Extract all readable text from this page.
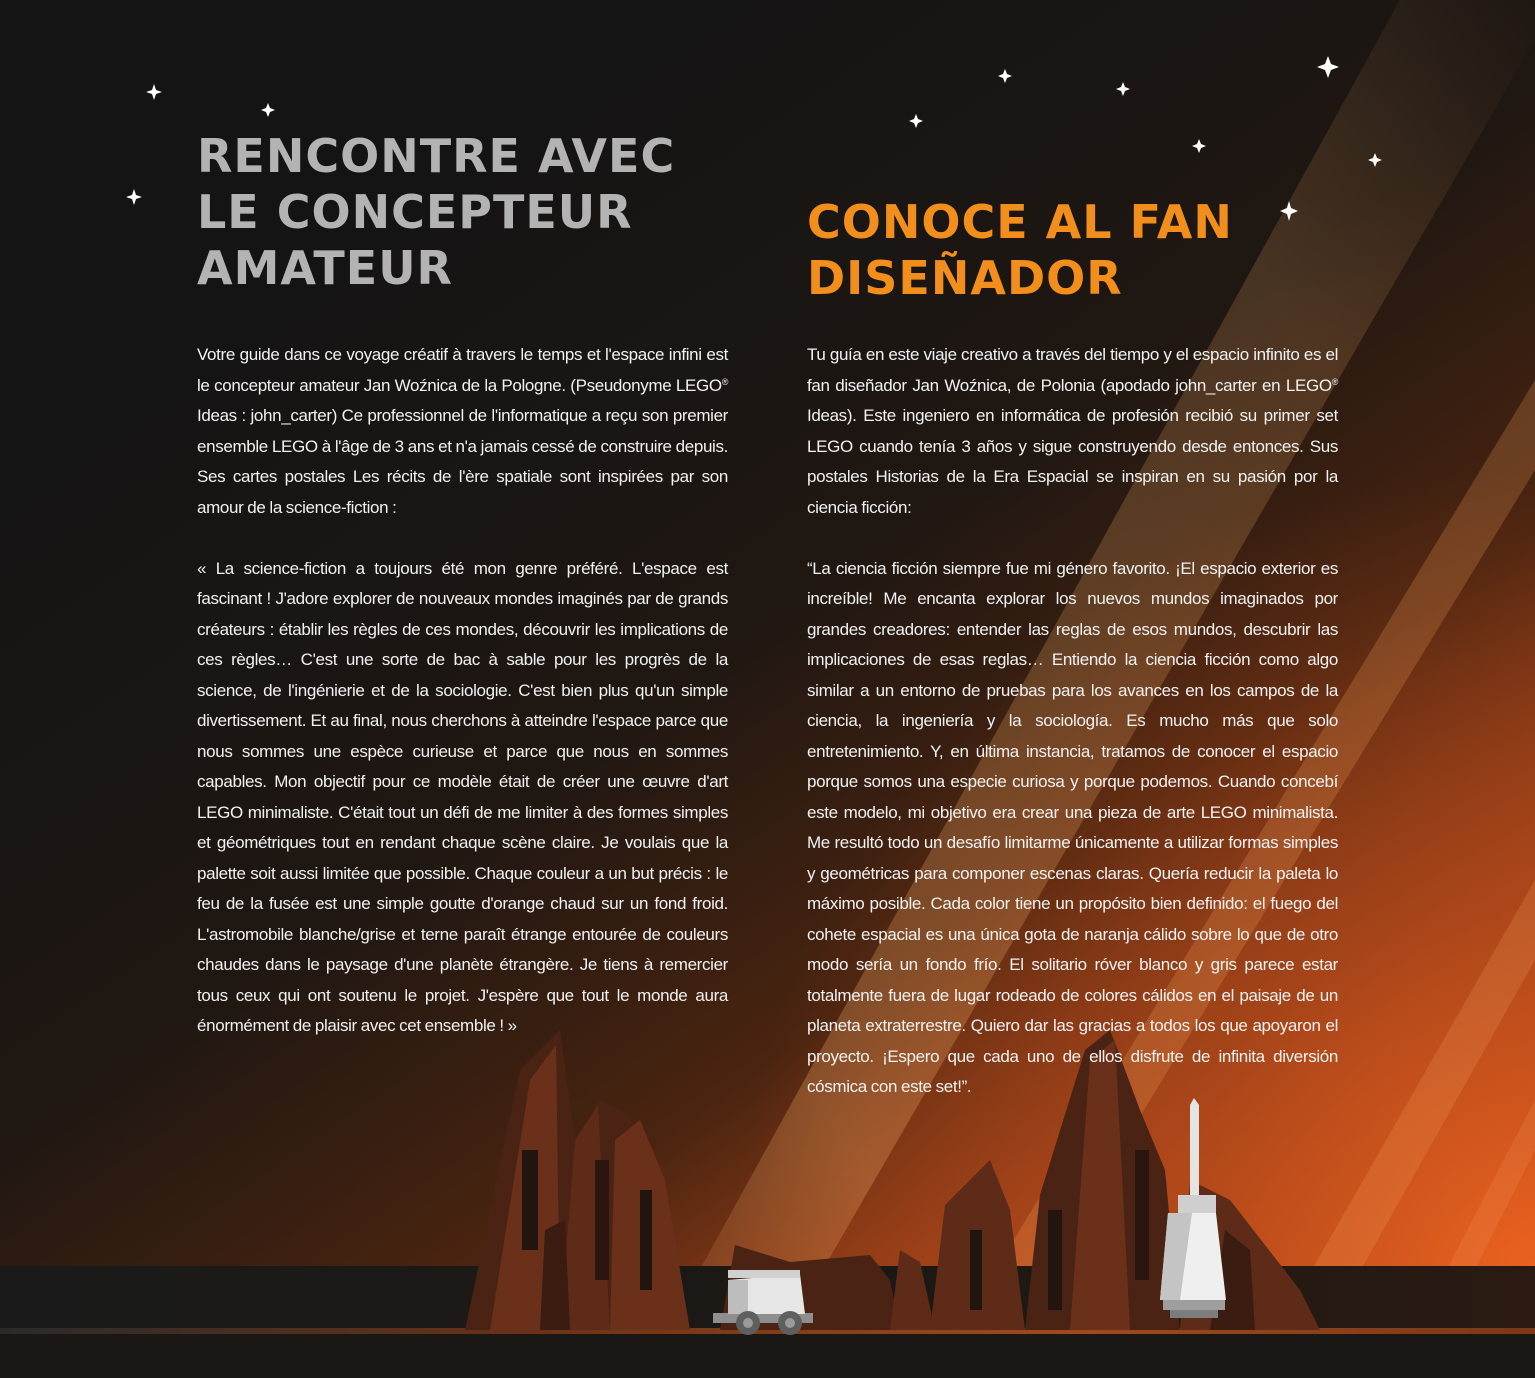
RENCONTRE AVEC
LE CONCEPTEUR
AMATEUR

Votre guide dans ce voyage créatif à travers le temps et l'espace infini est le concepteur amateur Jan Woźnica de la Pologne. (Pseudonyme LEGO® Ideas : john_carter) Ce professionnel de l'informatique a reçu son premier ensemble LEGO à l'âge de 3 ans et n'a jamais cessé de construire depuis. Ses cartes postales Les récits de l'ère spatiale sont inspirées par son amour de la science-fiction :

« La science-fiction a toujours été mon genre préféré. L'espace est fascinant ! J'adore explorer de nouveaux mondes imaginés par de grands créateurs : établir les règles de ces mondes, découvrir les implications de ces règles… C'est une sorte de bac à sable pour les progrès de la science, de l'ingénierie et de la sociologie. C'est bien plus qu'un simple divertissement. Et au final, nous cherchons à atteindre l'espace parce que nous sommes une espèce curieuse et parce que nous en sommes capables. Mon objectif pour ce modèle était de créer une œuvre d'art LEGO minimaliste. C'était tout un défi de me limiter à des formes simples et géométriques tout en rendant chaque scène claire. Je voulais que la palette soit aussi limitée que possible. Chaque couleur a un but précis : le feu de la fusée est une simple goutte d'orange chaud sur un fond froid. L'astromobile blanche/grise et terne paraît étrange entourée de couleurs chaudes dans le paysage d'une planète étrangère. Je tiens à remercier tous ceux qui ont soutenu le projet. J'espère que tout le monde aura énormément de plaisir avec cet ensemble ! »

CONOCE AL FAN
DISEÑADOR

Tu guía en este viaje creativo a través del tiempo y el espacio infinito es el fan diseñador Jan Woźnica, de Polonia (apodado john_carter en LEGO® Ideas). Este ingeniero en informática de profesión recibió su primer set LEGO cuando tenía 3 años y sigue construyendo desde entonces. Sus postales Historias de la Era Espacial se inspiran en su pasión por la ciencia ficción:

“La ciencia ficción siempre fue mi género favorito. ¡El espacio exterior es increíble! Me encanta explorar los nuevos mundos imaginados por grandes creadores: entender las reglas de esos mundos, descubrir las implicaciones de esas reglas… Entiendo la ciencia ficción como algo similar a un entorno de pruebas para los avances en los campos de la ciencia, la ingeniería y la sociología. Es mucho más que solo entretenimiento. Y, en última instancia, tratamos de conocer el espacio porque somos una especie curiosa y porque podemos. Cuando concebí este modelo, mi objetivo era crear una pieza de arte LEGO minimalista. Me resultó todo un desafío limitarme únicamente a utilizar formas simples y geométricas para componer escenas claras. Quería reducir la paleta lo máximo posible. Cada color tiene un propósito bien definido: el fuego del cohete espacial es una única gota de naranja cálido sobre lo que de otro modo sería un fondo frío. El solitario róver blanco y gris parece estar totalmente fuera de lugar rodeado de colores cálidos en el paisaje de un planeta extraterrestre. Quiero dar las gracias a todos los que apoyaron el proyecto. ¡Espero que cada uno de ellos disfrute de infinita diversión cósmica con este set!”.
